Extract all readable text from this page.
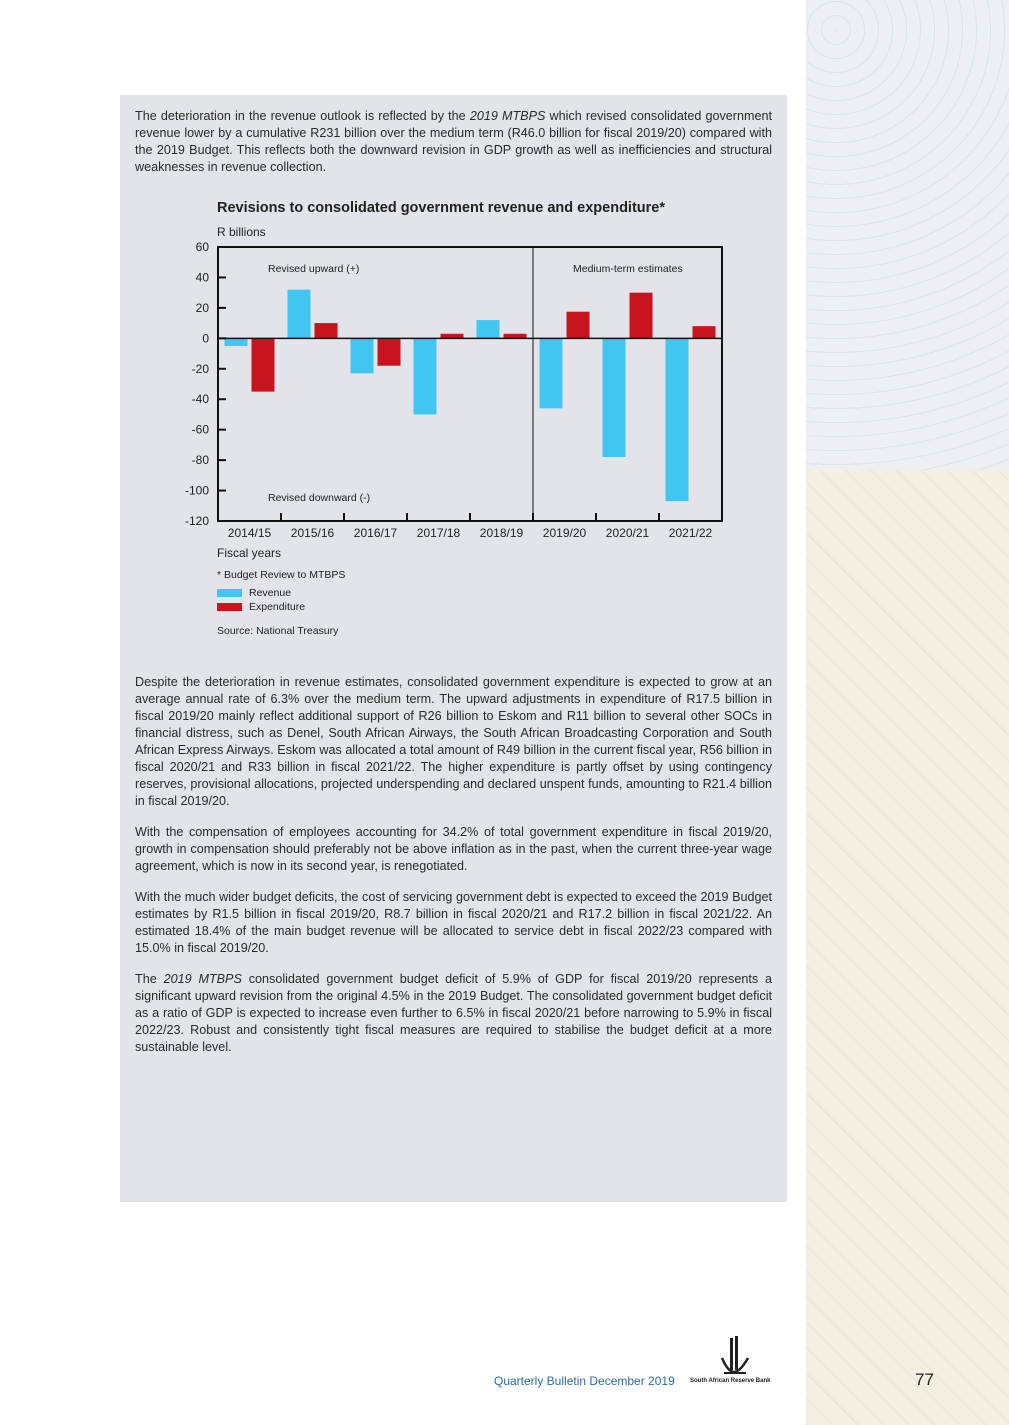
The deterioration in the revenue outlook is reflected by the 2019 MTBPS which revised consolidated government revenue lower by a cumulative R231 billion over the medium term (R46.0 billion for fiscal 2019/20) compared with the 2019 Budget. This reflects both the downward revision in GDP growth as well as inefficiencies and structural weaknesses in revenue collection.

Revisions to consolidated government revenue and expenditure*
R billions
2014/15 2015/16 2016/17 2017/18 2018/19 2019/20 2020/21 2021/22
60
40
20
0
-20
-40
-60
-80
-100
-120
Revised upward (+)
Revised downward (-)
Medium-term estimates
Fiscal years
* Budget Review to MTBPS
Revenue
Expenditure
Source: National Treasury

Despite the deterioration in revenue estimates, consolidated government expenditure is expected to grow at an average annual rate of 6.3% over the medium term. The upward adjustments in expenditure of R17.5 billion in fiscal 2019/20 mainly reflect additional support of R26 billion to Eskom and R11 billion to several other SOCs in financial distress, such as Denel, South African Airways, the South African Broadcasting Corporation and South African Express Airways. Eskom was allocated a total amount of R49 billion in the current fiscal year, R56 billion in fiscal 2020/21 and R33 billion in fiscal 2021/22. The higher expenditure is partly offset by using contingency reserves, provisional allocations, projected underspending and declared unspent funds, amounting to R21.4 billion in fiscal 2019/20.

With the compensation of employees accounting for 34.2% of total government expenditure in fiscal 2019/20, growth in compensation should preferably not be above inflation as in the past, when the current three-year wage agreement, which is now in its second year, is renegotiated.

With the much wider budget deficits, the cost of servicing government debt is expected to exceed the 2019 Budget estimates by R1.5 billion in fiscal 2019/20, R8.7 billion in fiscal 2020/21 and R17.2 billion in fiscal 2021/22. An estimated 18.4% of the main budget revenue will be allocated to service debt in fiscal 2022/23 compared with 15.0% in fiscal 2019/20.

The 2019 MTBPS consolidated government budget deficit of 5.9% of GDP for fiscal 2019/20 represents a significant upward revision from the original 4.5% in the 2019 Budget. The consolidated government budget deficit as a ratio of GDP is expected to increase even further to 6.5% in fiscal 2020/21 before narrowing to 5.9% in fiscal 2022/23. Robust and consistently tight fiscal measures are required to stabilise the budget deficit at a more sustainable level.

Quarterly Bulletin December 2019	South African Reserve Bank	77
